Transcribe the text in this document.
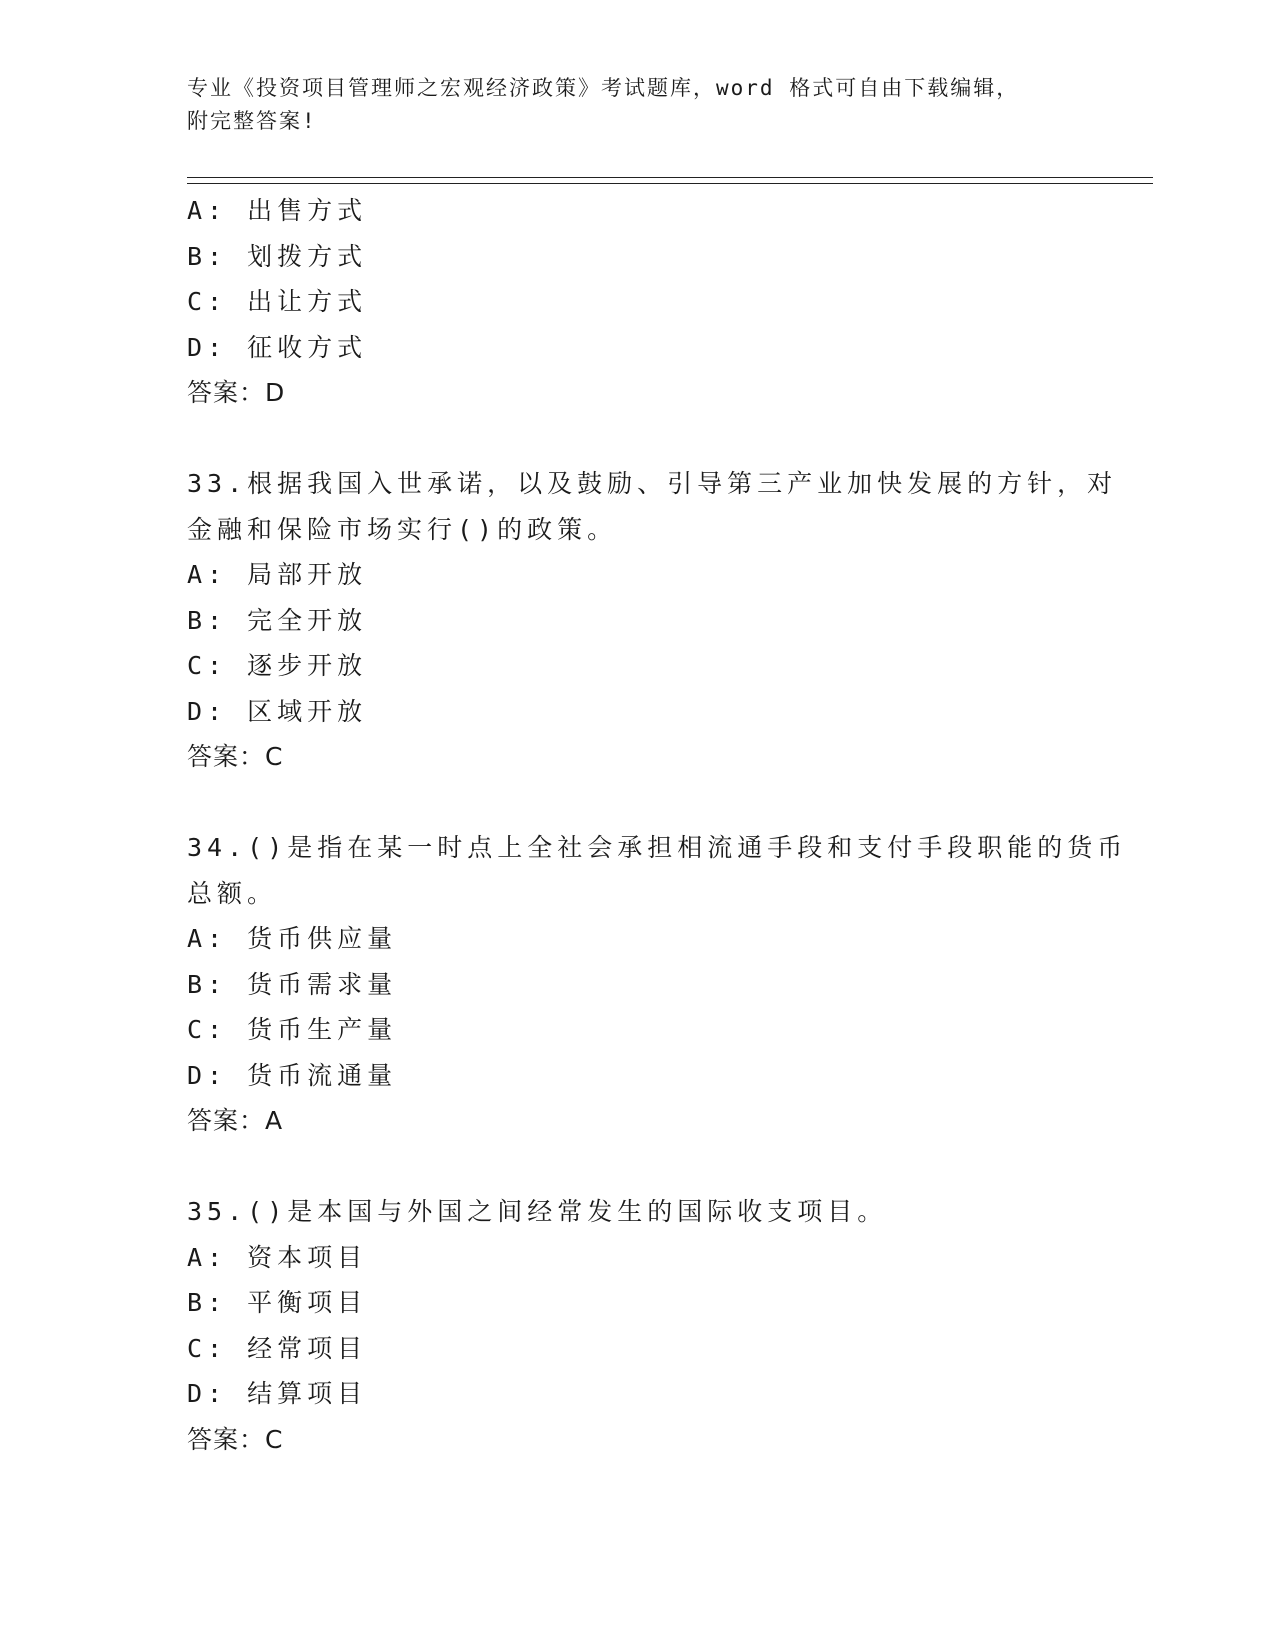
专业《投资项目管理师之宏观经济政策》考试题库，word 格式可自由下载编辑，
附完整答案!
A: 出售方式
B: 划拨方式
C: 出让方式
D: 征收方式
答案：D
33.根据我国入世承诺，以及鼓励、引导第三产业加快发展的方针，对
金融和保险市场实行()的政策。
A: 局部开放
B: 完全开放
C: 逐步开放
D: 区域开放
答案：C
34.()是指在某一时点上全社会承担相流通手段和支付手段职能的货币
总额。
A: 货币供应量
B: 货币需求量
C: 货币生产量
D: 货币流通量
答案：A
35.()是本国与外国之间经常发生的国际收支项目。
A: 资本项目
B: 平衡项目
C: 经常项目
D: 结算项目
答案：C
